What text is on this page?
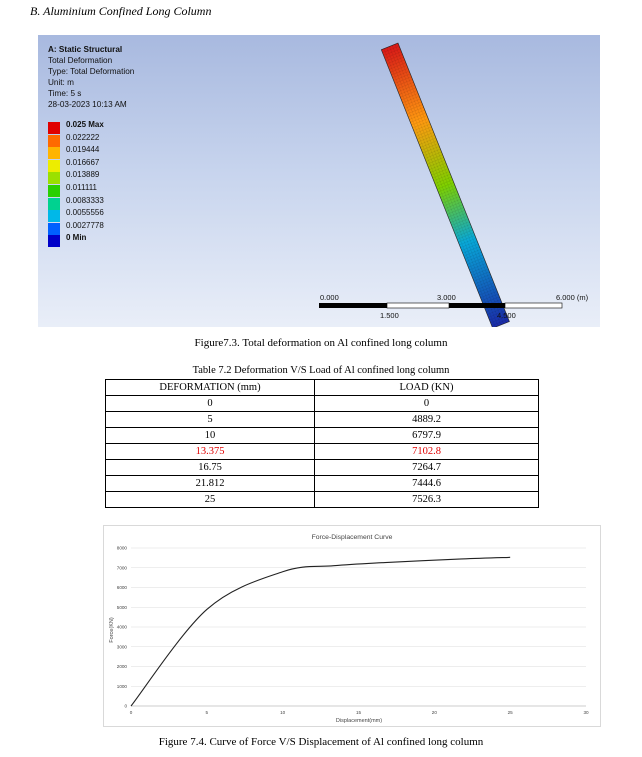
B. Aluminium Confined Long Column
A: Static Structural
Total Deformation
Type: Total Deformation
Unit: m
Time: 5 s
28-03-2023 10:13 AM
0.025 Max
0.022222
0.019444
0.016667
0.013889
0.011111
0.0083333
0.0055556
0.0027778
0 Min
0.000	3.000	6.000 (m)
1.500	4.500
Figure7.3. Total deformation on Al confined long column
Table 7.2 Deformation V/S Load of Al confined long column
DEFORMATION (mm)	LOAD (KN)
0	0
5	4889.2
10	6797.9
13.375	7102.8
16.75	7264.7
21.812	7444.6
25	7526.3
Force-Displacement Curve
0
1000
2000
3000
4000
5000
6000
7000
8000
0	5	10	15	20	25	30
Displacement(mm)
Force(KN)
Figure 7.4. Curve of Force V/S Displacement of Al confined long column
